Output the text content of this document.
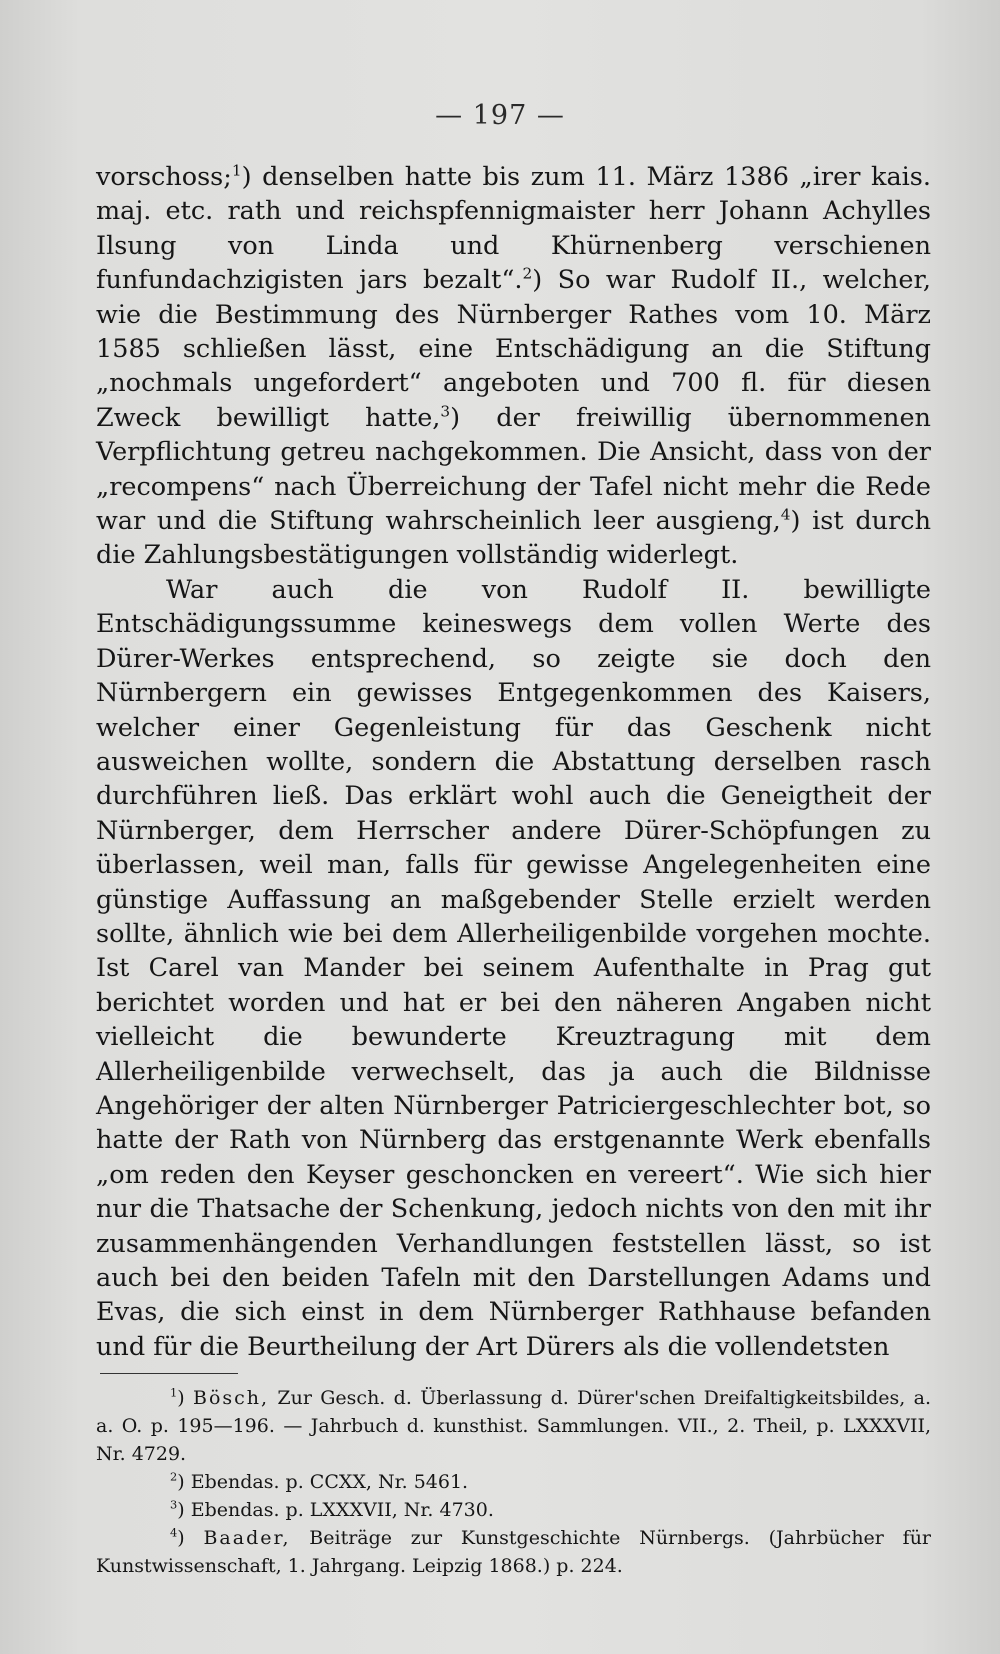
— 197 —

vorschoss;$^1$) denselben hatte bis zum 11. März 1386 „irer kais. maj. etc. rath und reichspfennigmaister herr Johann Achylles Ilsung von Linda und Khürnenberg verschienen funfundachzigisten jars bezalt“.$^2$) So war Rudolf II., welcher, wie die Bestimmung des Nürnberger Rathes vom 10. März 1585 schließen lässt, eine Entschädigung an die Stiftung „nochmals ungefordert“ angeboten und 700 fl. für diesen Zweck bewilligt hatte,$^3$) der freiwillig übernommenen Verpflichtung getreu nachgekommen. Die Ansicht, dass von der „recompens“ nach Überreichung der Tafel nicht mehr die Rede war und die Stiftung wahrscheinlich leer ausgieng,$^4$) ist durch die Zahlungsbestätigungen vollständig widerlegt.

War auch die von Rudolf II. bewilligte Entschädigungssumme keineswegs dem vollen Werte des Dürer-Werkes entsprechend, so zeigte sie doch den Nürnbergern ein gewisses Entgegenkommen des Kaisers, welcher einer Gegenleistung für das Geschenk nicht ausweichen wollte, sondern die Abstattung derselben rasch durchführen ließ. Das erklärt wohl auch die Geneigtheit der Nürnberger, dem Herrscher andere Dürer-Schöpfungen zu überlassen, weil man, falls für gewisse Angelegenheiten eine günstige Auffassung an maßgebender Stelle erzielt werden sollte, ähnlich wie bei dem Allerheiligenbilde vorgehen mochte. Ist Carel van Mander bei seinem Aufenthalte in Prag gut berichtet worden und hat er bei den näheren Angaben nicht vielleicht die bewunderte Kreuztragung mit dem Allerheiligenbilde verwechselt, das ja auch die Bildnisse Angehöriger der alten Nürnberger Patriciergeschlechter bot, so hatte der Rath von Nürnberg das erstgenannte Werk ebenfalls „om reden den Keyser geschoncken en vereert“. Wie sich hier nur die Thatsache der Schenkung, jedoch nichts von den mit ihr zusammenhängenden Verhandlungen feststellen lässt, so ist auch bei den beiden Tafeln mit den Darstellungen Adams und Evas, die sich einst in dem Nürnberger Rathhause befanden und für die Beurtheilung der Art Dürers als die vollendetsten

$^1$) Bösch, Zur Gesch. d. Überlassung d. Dürer'schen Dreifaltigkeitsbildes, a. a. O. p. 195—196. — Jahrbuch d. kunsthist. Sammlungen. VII., 2. Theil, p. LXXXVII, Nr. 4729.

$^2$) Ebendas. p. CCXX, Nr. 5461.

$^3$) Ebendas. p. LXXXVII, Nr. 4730.

$^4$) Baader, Beiträge zur Kunstgeschichte Nürnbergs. (Jahrbücher für Kunstwissenschaft, 1. Jahrgang. Leipzig 1868.) p. 224.
